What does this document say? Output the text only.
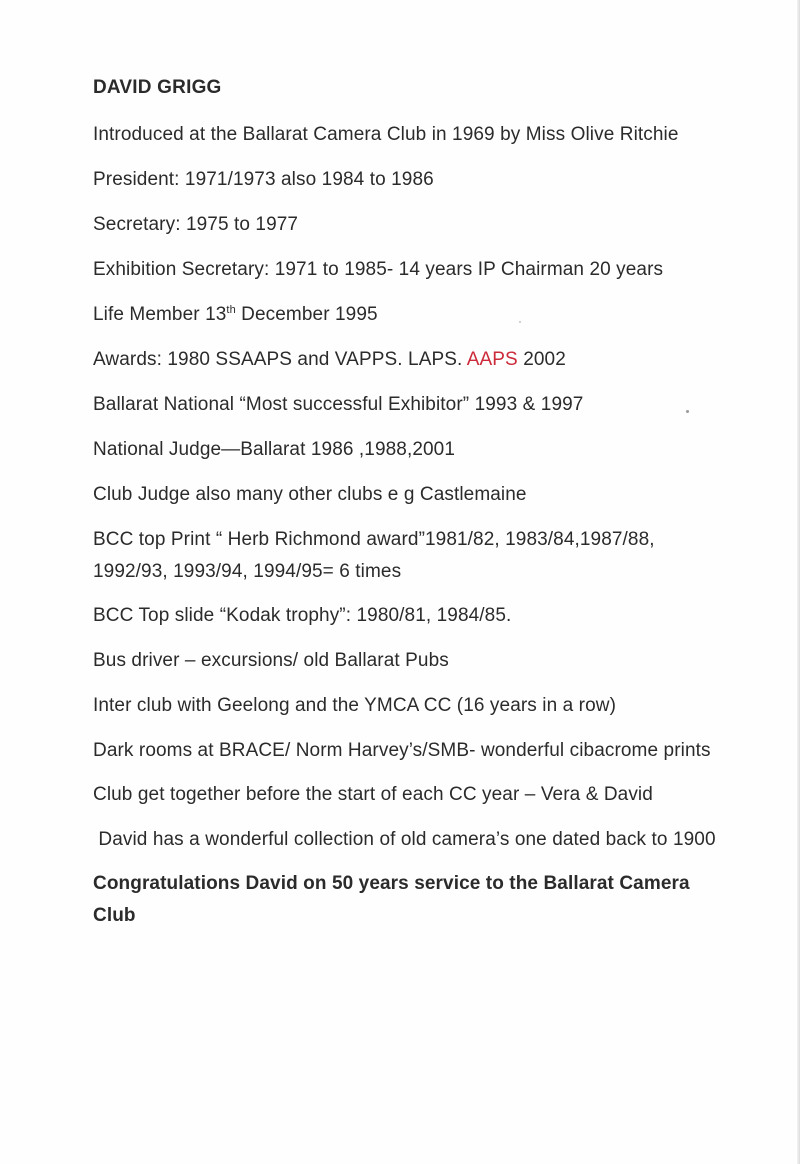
DAVID GRIGG
Introduced at the Ballarat Camera Club in 1969 by Miss Olive Ritchie
President: 1971/1973 also 1984 to 1986
Secretary: 1975 to 1977
Exhibition Secretary: 1971 to 1985- 14 years IP Chairman 20 years
Life Member 13th December 1995
Awards: 1980 SSAAPS and VAPPS. LAPS. AAPS 2002
Ballarat National “Most successful Exhibitor” 1993 & 1997
National Judge—Ballarat 1986 ,1988,2001
Club Judge also many other clubs e g Castlemaine
BCC top Print “ Herb Richmond award”1981/82, 1983/84,1987/88, 1992/93, 1993/94, 1994/95= 6 times
BCC Top slide “Kodak trophy”: 1980/81, 1984/85.
Bus driver – excursions/ old Ballarat Pubs
Inter club with Geelong and the YMCA CC (16 years in a row)
Dark rooms at BRACE/ Norm Harvey’s/SMB- wonderful cibacrome prints
Club get together before the start of each CC year – Vera & David
David has a wonderful collection of old camera’s one dated back to 1900
Congratulations David on 50 years service to the Ballarat Camera Club
